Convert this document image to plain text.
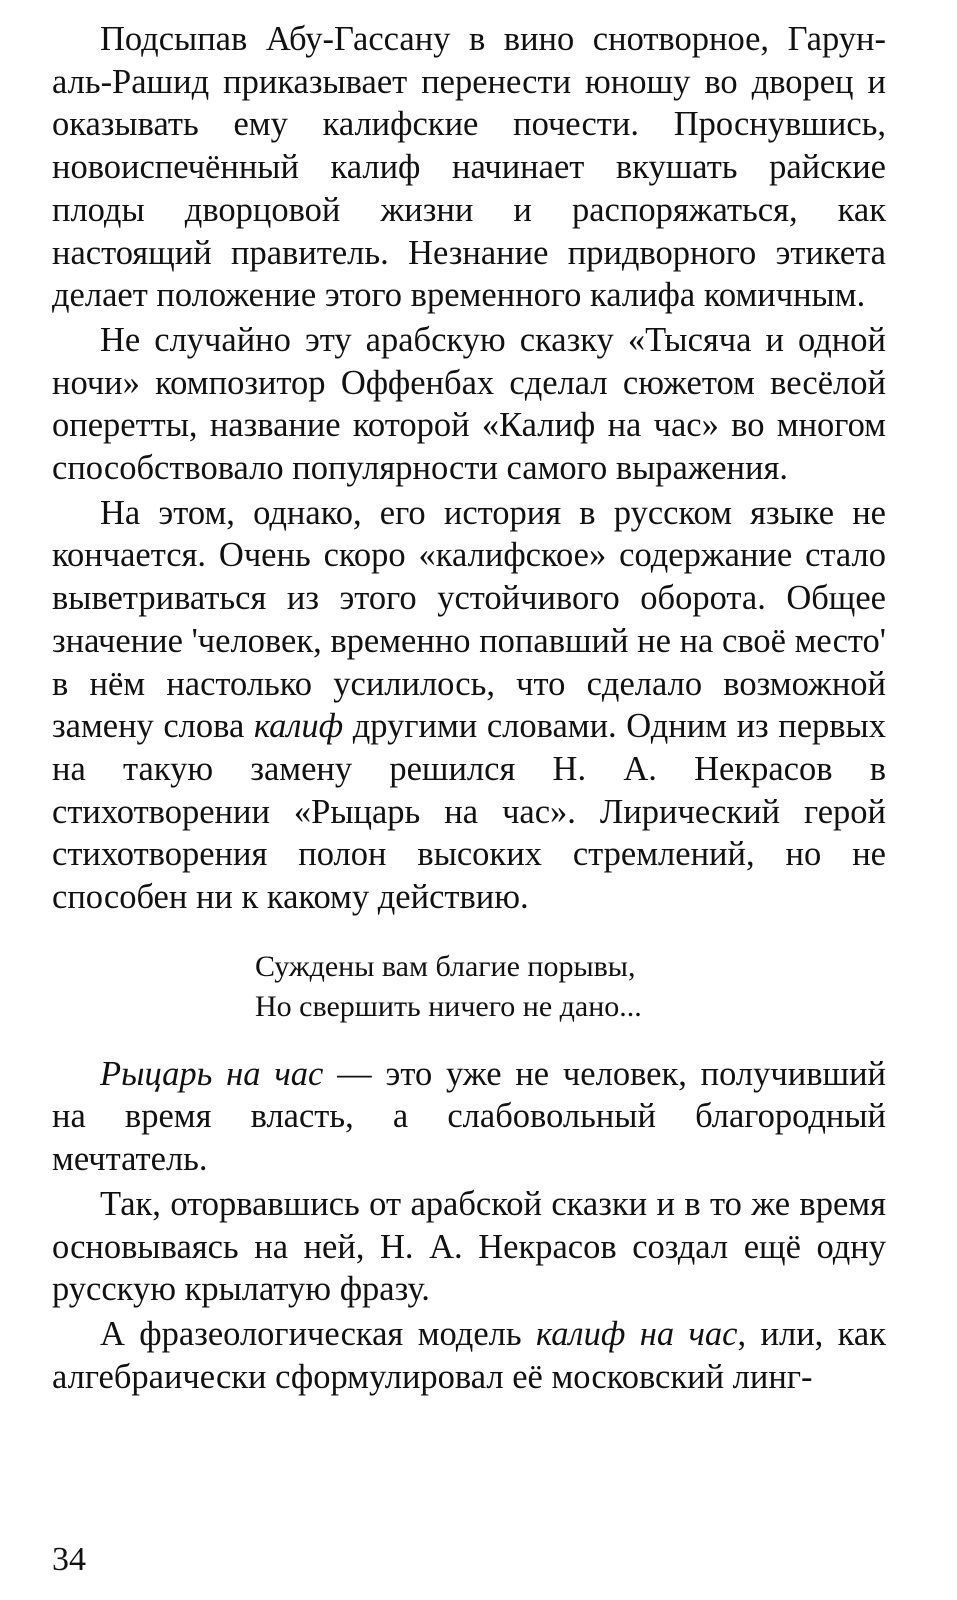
Подсыпав Абу-Гассану в вино снотворное, Гарун-аль-Рашид приказывает перенести юношу во дворец и оказывать ему калифские почести. Проснувшись, новоиспечённый калиф начинает вкушать райские плоды дворцовой жизни и распоряжаться, как настоящий правитель. Незнание придворного этикета делает положение этого временного калифа комичным.

Не случайно эту арабскую сказку «Тысяча и одной ночи» композитор Оффенбах сделал сюжетом весёлой оперетты, название которой «Калиф на час» во многом способствовало популярности самого выражения.

На этом, однако, его история в русском языке не кончается. Очень скоро «калифское» содержание стало выветриваться из этого устойчивого оборота. Общее значение 'человек, временно попавший не на своё место' в нём настолько усилилось, что сделало возможной замену слова калиф другими словами. Одним из первых на такую замену решился Н. А. Некрасов в стихотворении «Рыцарь на час». Лирический герой стихотворения полон высоких стремлений, но не способен ни к какому действию.

Суждены вам благие порывы,
Но свершить ничего не дано...

Рыцарь на час — это уже не человек, получивший на время власть, а слабовольный благородный мечтатель.

Так, оторвавшись от арабской сказки и в то же время основываясь на ней, Н. А. Некрасов создал ещё одну русскую крылатую фразу.

А фразеологическая модель калиф на час, или, как алгебраически сформулировал её московский линг-

34
